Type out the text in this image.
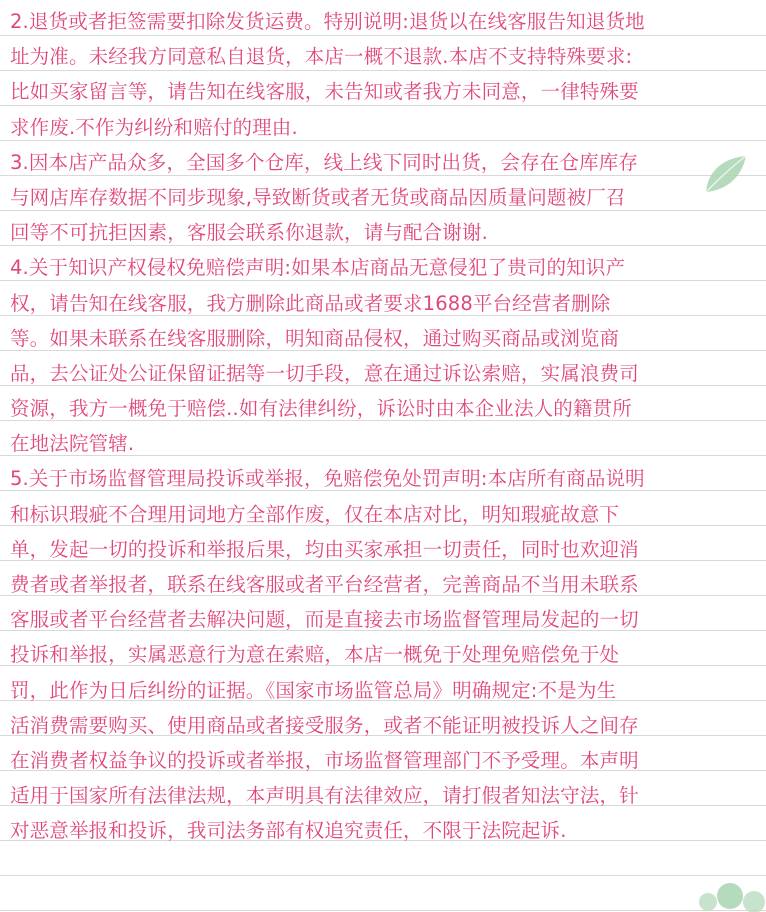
2.退货或者拒签需要扣除发货运费。特别说明:退货以在线客服告知退货地
址为准。未经我方同意私自退货，本店一概不退款.本店不支持特殊要求:
比如买家留言等，请告知在线客服，未告知或者我方未同意，一律特殊要
求作废.不作为纠纷和赔付的理由.
3.因本店产品众多，全国多个仓库，线上线下同时出货，会存在仓库库存
与网店库存数据不同步现象,导致断货或者无货或商品因质量问题被厂召
回等不可抗拒因素，客服会联系你退款，请与配合谢谢.
4.关于知识产权侵权免赔偿声明:如果本店商品无意侵犯了贵司的知识产
权，请告知在线客服，我方删除此商品或者要求1688平台经营者删除
等。如果未联系在线客服删除，明知商品侵权，通过购买商品或浏览商
品，去公证处公证保留证据等一切手段，意在通过诉讼索赔，实属浪费司
资源，我方一概免于赔偿..如有法律纠纷，诉讼时由本企业法人的籍贯所
在地法院管辖.
5.关于市场监督管理局投诉或举报，免赔偿免处罚声明:本店所有商品说明
和标识瑕疵不合理用词地方全部作废，仅在本店对比，明知瑕疵故意下
单，发起一切的投诉和举报后果，均由买家承担一切责任，同时也欢迎消
费者或者举报者，联系在线客服或者平台经营者，完善商品不当用未联系
客服或者平台经营者去解决问题，而是直接去市场监督管理局发起的一切
投诉和举报，实属恶意行为意在索赔，本店一概免于处理免赔偿免于处
罚，此作为日后纠纷的证据。《国家市场监管总局》明确规定:不是为生
活消费需要购买、使用商品或者接受服务，或者不能证明被投诉人之间存
在消费者权益争议的投诉或者举报，市场监督管理部门不予受理。本声明
适用于国家所有法律法规，本声明具有法律效应，请打假者知法守法，针
对恶意举报和投诉，我司法务部有权追究责任，不限于法院起诉.
